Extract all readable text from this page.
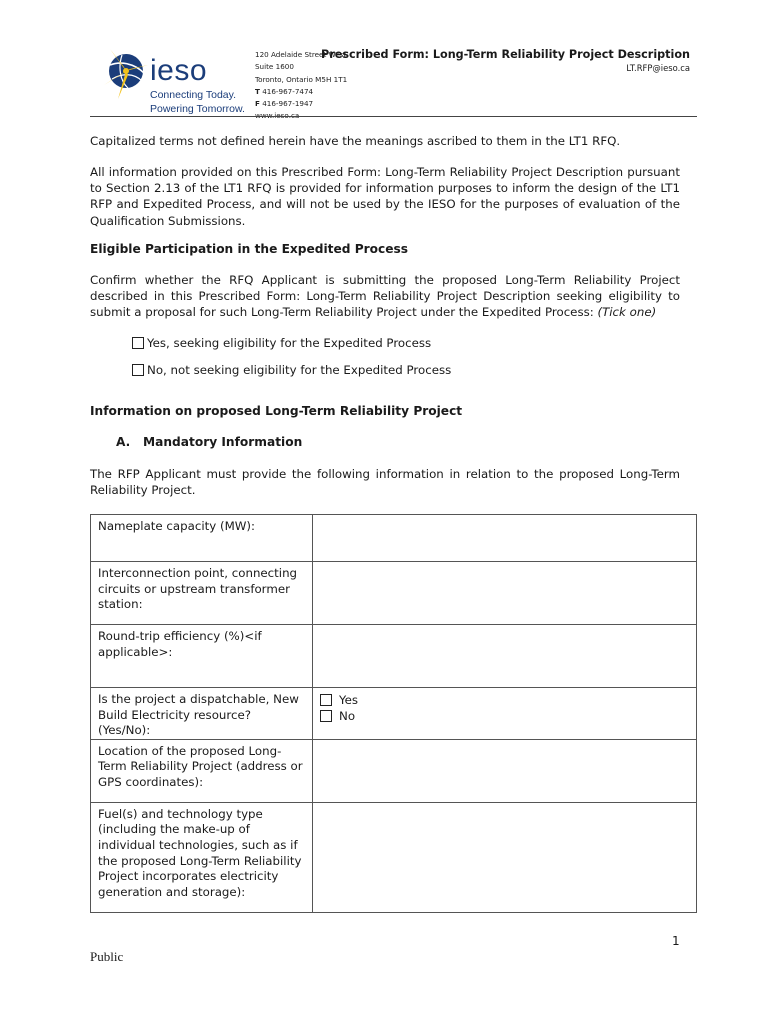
ieso
Connecting Today.
Powering Tomorrow.
120 Adelaide Street West
Suite 1600
Toronto, Ontario M5H 1T1
T 416-967-7474
F 416-967-1947
www.ieso.ca
Prescribed Form: Long-Term Reliability Project Description
LT.RFP@ieso.ca
Capitalized terms not defined herein have the meanings ascribed to them in the LT1 RFQ.
All information provided on this Prescribed Form: Long-Term Reliability Project Description pursuant to Section 2.13 of the LT1 RFQ is provided for information purposes to inform the design of the LT1 RFP and Expedited Process, and will not be used by the IESO for the purposes of evaluation of the Qualification Submissions.
Eligible Participation in the Expedited Process
Confirm whether the RFQ Applicant is submitting the proposed Long-Term Reliability Project described in this Prescribed Form: Long-Term Reliability Project Description seeking eligibility to submit a proposal for such Long-Term Reliability Project under the Expedited Process: (Tick one)
Yes, seeking eligibility for the Expedited Process
No, not seeking eligibility for the Expedited Process
Information on proposed Long-Term Reliability Project
A.   Mandatory Information
The RFP Applicant must provide the following information in relation to the proposed Long-Term Reliability Project.
Nameplate capacity (MW):	
Interconnection point, connecting circuits or upstream transformer station:	
Round-trip efficiency (%)<if applicable>:	
Is the project a dispatchable, New Build Electricity resource? (Yes/No):	Yes
No

Location of the proposed Long-Term Reliability Project (address or GPS coordinates):	
Fuel(s) and technology type (including the make-up of individual technologies, such as if the proposed Long-Term Reliability Project incorporates electricity generation and storage):	
1
Public
